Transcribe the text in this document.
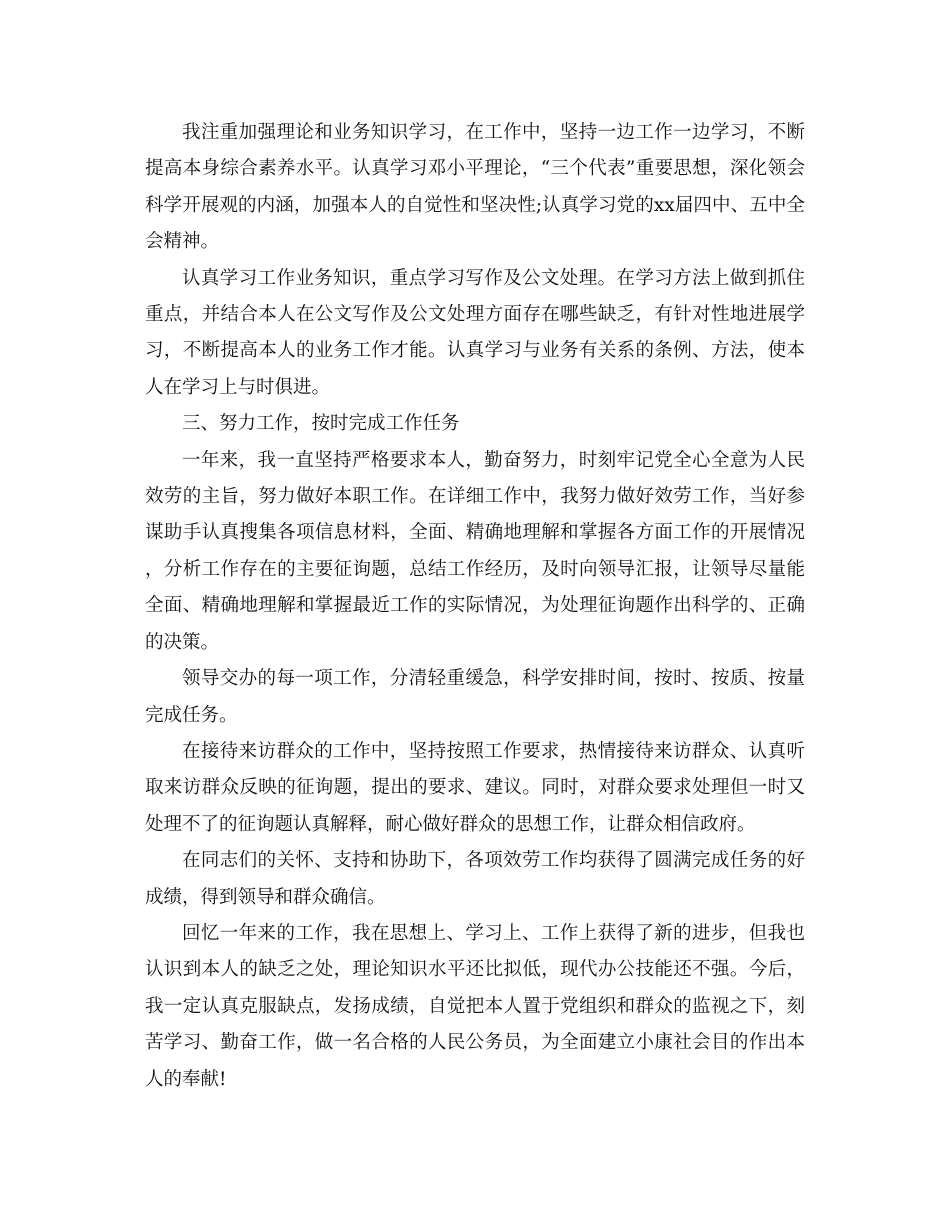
我注重加强理论和业务知识学习，在工作中，坚持一边工作一边学习，不断提高本身综合素养水平。认真学习邓小平理论，“三个代表”重要思想，深化领会科学开展观的内涵，加强本人的自觉性和坚决性;认真学习党的xx届四中、五中全会精神。

认真学习工作业务知识，重点学习写作及公文处理。在学习方法上做到抓住重点，并结合本人在公文写作及公文处理方面存在哪些缺乏，有针对性地进展学习，不断提高本人的业务工作才能。认真学习与业务有关系的条例、方法，使本人在学习上与时俱进。

三、努力工作，按时完成工作任务

一年来，我一直坚持严格要求本人，勤奋努力，时刻牢记党全心全意为人民效劳的主旨，努力做好本职工作。在详细工作中，我努力做好效劳工作，当好参谋助手认真搜集各项信息材料，全面、精确地理解和掌握各方面工作的开展情况，分析工作存在的主要征询题，总结工作经历，及时向领导汇报，让领导尽量能全面、精确地理解和掌握最近工作的实际情况，为处理征询题作出科学的、正确的决策。

领导交办的每一项工作，分清轻重缓急，科学安排时间，按时、按质、按量完成任务。

在接待来访群众的工作中，坚持按照工作要求，热情接待来访群众、认真听取来访群众反映的征询题，提出的要求、建议。同时，对群众要求处理但一时又处理不了的征询题认真解释，耐心做好群众的思想工作，让群众相信政府。

在同志们的关怀、支持和协助下，各项效劳工作均获得了圆满完成任务的好成绩，得到领导和群众确信。

回忆一年来的工作，我在思想上、学习上、工作上获得了新的进步，但我也认识到本人的缺乏之处，理论知识水平还比拟低，现代办公技能还不强。今后，我一定认真克服缺点，发扬成绩，自觉把本人置于党组织和群众的监视之下，刻苦学习、勤奋工作，做一名合格的人民公务员，为全面建立小康社会目的作出本人的奉献!
